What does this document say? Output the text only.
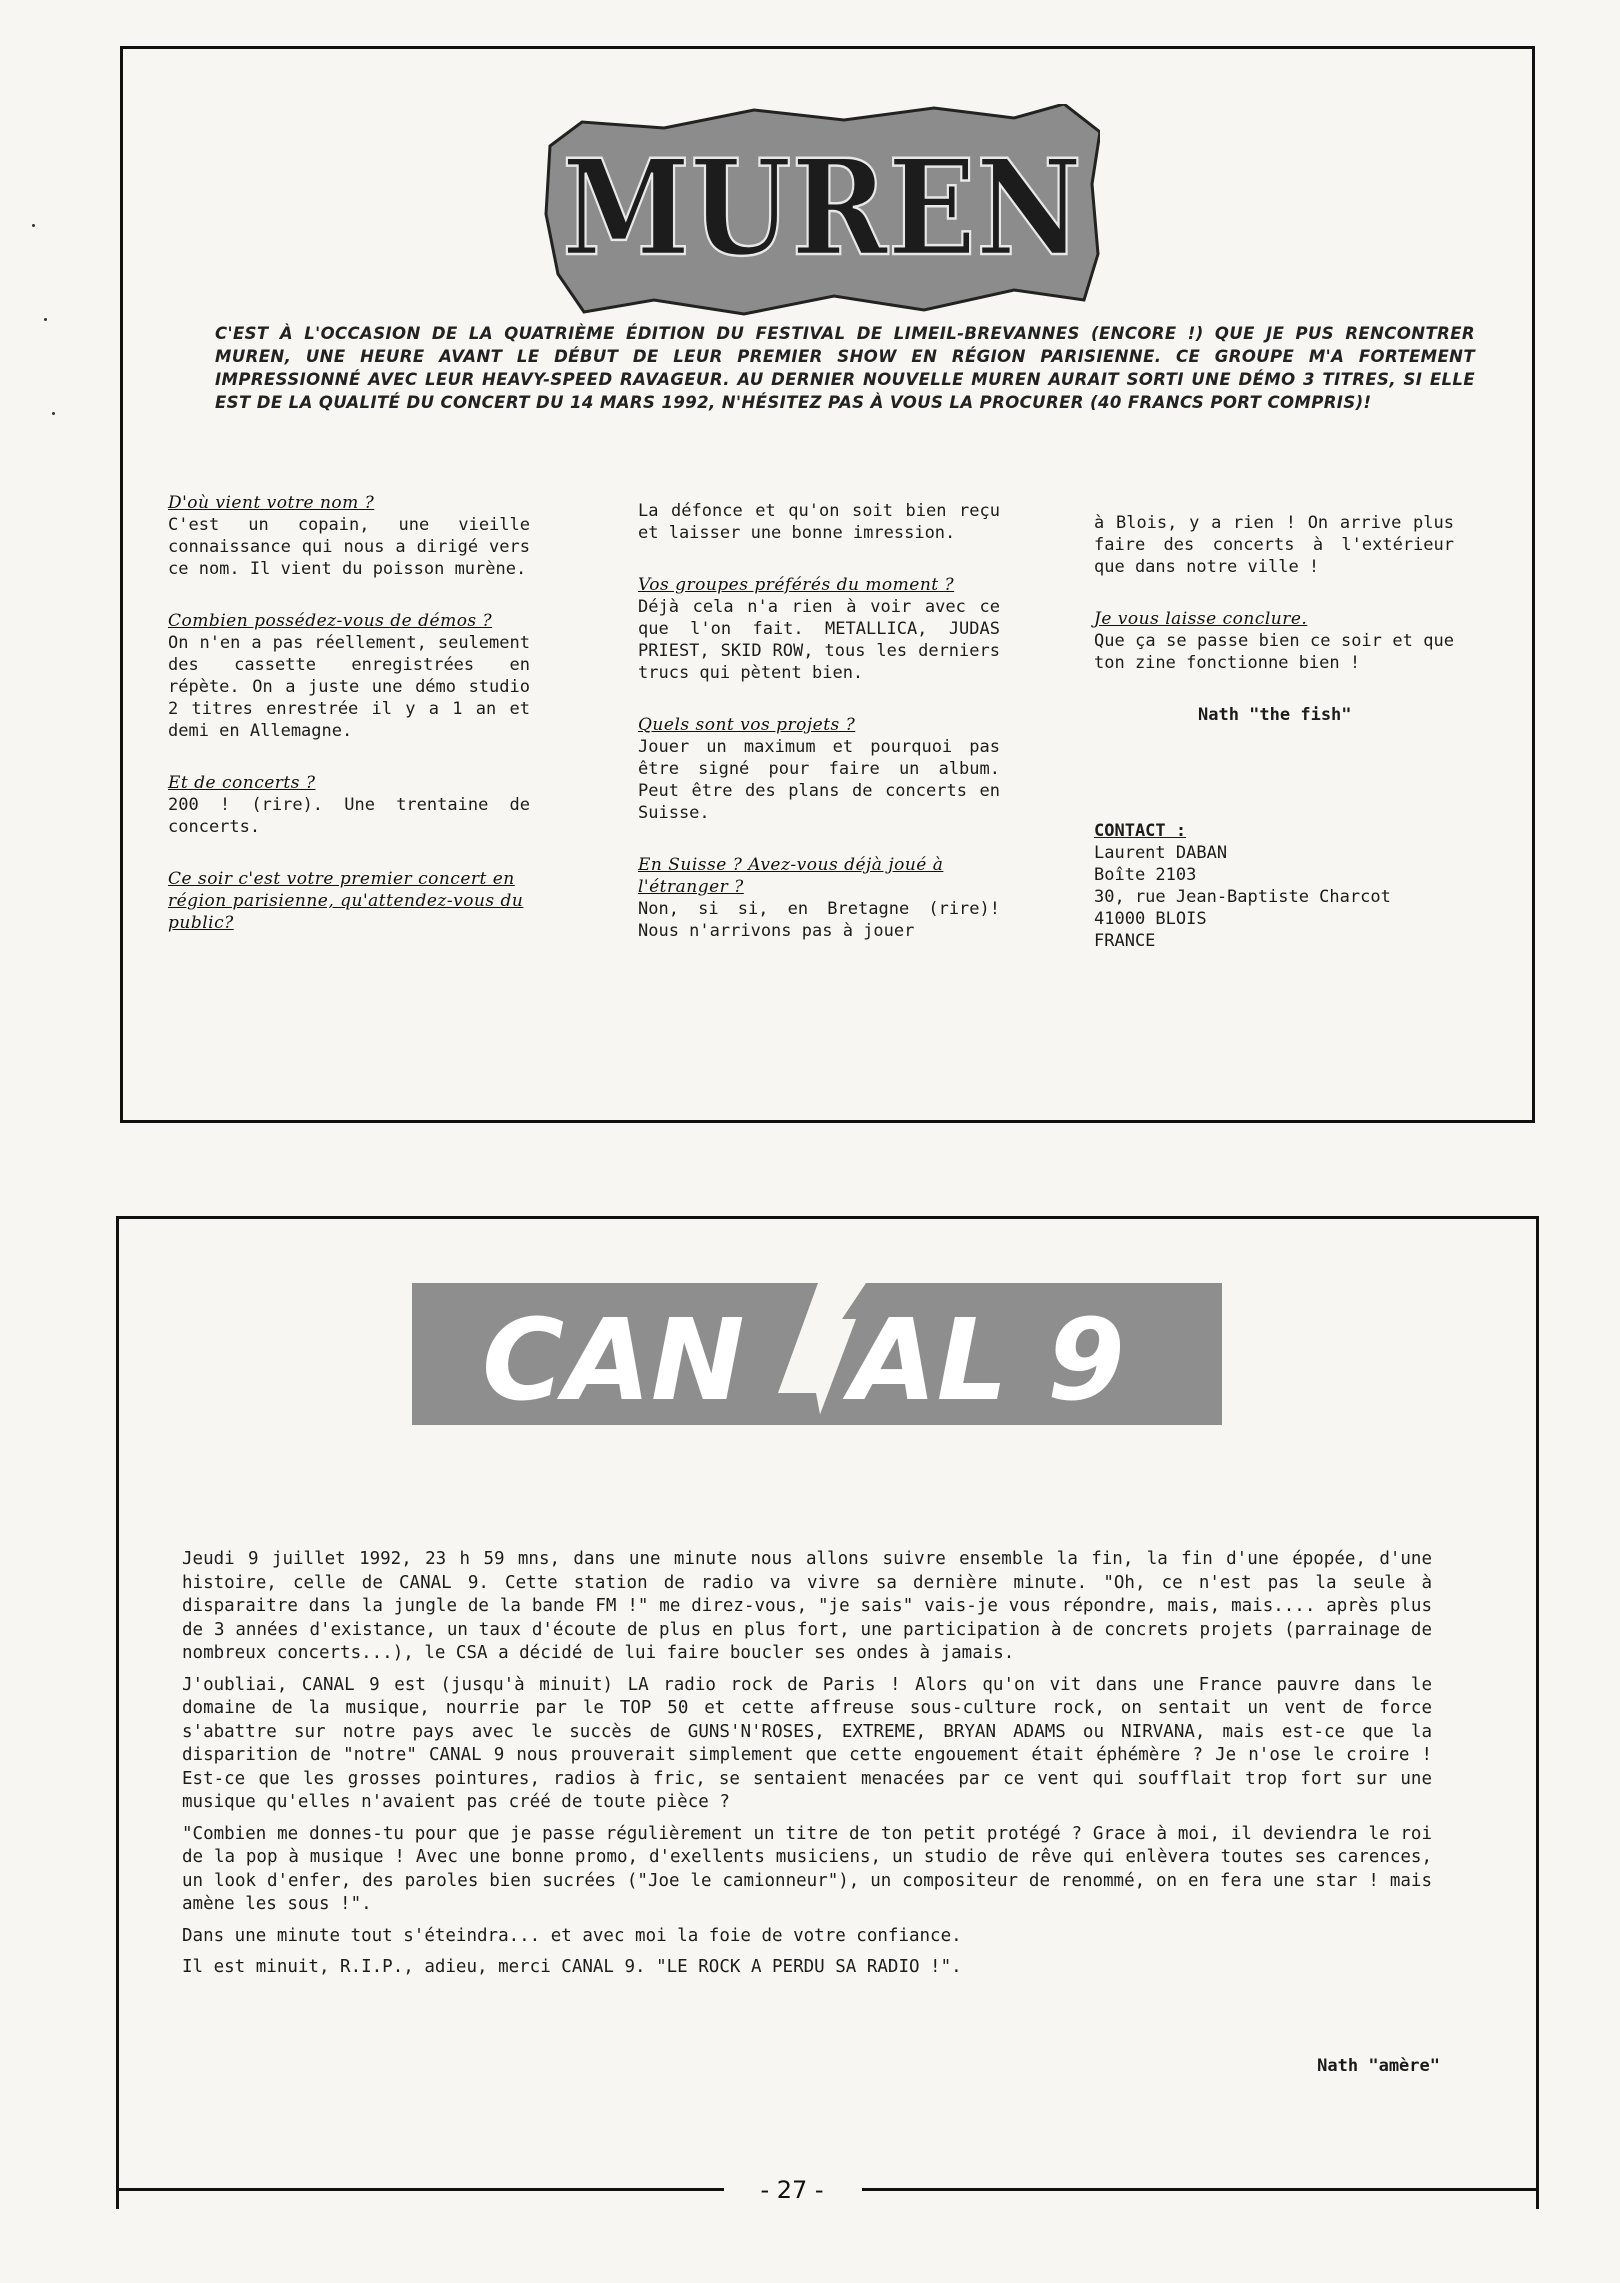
MUREN
C'EST À L'OCCASION DE LA QUATRIÈME ÉDITION DU FESTIVAL DE LIMEIL-BREVANNES (ENCORE !) QUE JE PUS RENCONTRER MUREN, UNE HEURE AVANT LE DÉBUT DE LEUR PREMIER SHOW EN RÉGION PARISIENNE. CE GROUPE M'A FORTEMENT IMPRESSIONNÉ AVEC LEUR HEAVY-SPEED RAVAGEUR. AU DERNIER NOUVELLE MUREN AURAIT SORTI UNE DÉMO 3 TITRES, SI ELLE EST DE LA QUALITÉ DU CONCERT DU 14 MARS 1992, N'HÉSITEZ PAS À VOUS LA PROCURER (40 FRANCS PORT COMPRIS)!
D'où vient votre nom ?

C'est un copain, une vieille connaissance qui nous a dirigé vers ce nom. Il vient du poisson murène.

Combien possédez-vous de démos ?

On n'en a pas réellement, seulement des cassette enregistrées en répète. On a juste une démo studio 2 titres enrestrée il y a 1 an et demi en Allemagne.

Et de concerts ?

200 ! (rire). Une trentaine de concerts.

Ce soir c'est votre premier concert en région parisienne, qu'attendez-vous du public?

La défonce et qu'on soit bien reçu et laisser une bonne imression.

Vos groupes préférés du moment ?

Déjà cela n'a rien à voir avec ce que l'on fait. METALLICA, JUDAS PRIEST, SKID ROW, tous les derniers trucs qui pètent bien.

Quels sont vos projets ?

Jouer un maximum et pourquoi pas être signé pour faire un album. Peut être des plans de concerts en Suisse.

En Suisse ? Avez-vous déjà joué à l'étranger ?

Non, si si, en Bretagne (rire)! Nous n'arrivons pas à jouer

à Blois, y a rien ! On arrive plus faire des concerts à l'extérieur que dans notre ville !

Je vous laisse conclure.

Que ça se passe bien ce soir et que ton zine fonctionne bien !

Nath "the fish"

CONTACT :

Laurent DABAN

Boîte 2103

30, rue Jean-Baptiste Charcot

41000 BLOIS

FRANCE

CAN AL 9

Jeudi 9 juillet 1992, 23 h 59 mns, dans une minute nous allons suivre ensemble la fin, la fin d'une épopée, d'une histoire, celle de CANAL 9. Cette station de radio va vivre sa dernière minute. "Oh, ce n'est pas la seule à disparaitre dans la jungle de la bande FM !" me direz-vous, "je sais" vais-je vous répondre, mais, mais.... après plus de 3 années d'existance, un taux d'écoute de plus en plus fort, une participation à de concrets projets (parrainage de nombreux concerts...), le CSA a décidé de lui faire boucler ses ondes à jamais.

J'oubliai, CANAL 9 est (jusqu'à minuit) LA radio rock de Paris ! Alors qu'on vit dans une France pauvre dans le domaine de la musique, nourrie par le TOP 50 et cette affreuse sous-culture rock, on sentait un vent de force s'abattre sur notre pays avec le succès de GUNS'N'ROSES, EXTREME, BRYAN ADAMS ou NIRVANA, mais est-ce que la disparition de "notre" CANAL 9 nous prouverait simplement que cette engouement était éphémère ? Je n'ose le croire ! Est-ce que les grosses pointures, radios à fric, se sentaient menacées par ce vent qui soufflait trop fort sur une musique qu'elles n'avaient pas créé de toute pièce ?

"Combien me donnes-tu pour que je passe régulièrement un titre de ton petit protégé ? Grace à moi, il deviendra le roi de la pop à musique ! Avec une bonne promo, d'exellents musiciens, un studio de rêve qui enlèvera toutes ses carences, un look d'enfer, des paroles bien sucrées ("Joe le camionneur"), un compositeur de renommé, on en fera une star ! mais amène les sous !".

Dans une minute tout s'éteindra... et avec moi la foie de votre confiance.

Il est minuit, R.I.P., adieu, merci CANAL 9. "LE ROCK A PERDU SA RADIO !".

Nath "amère"
- 27 -
